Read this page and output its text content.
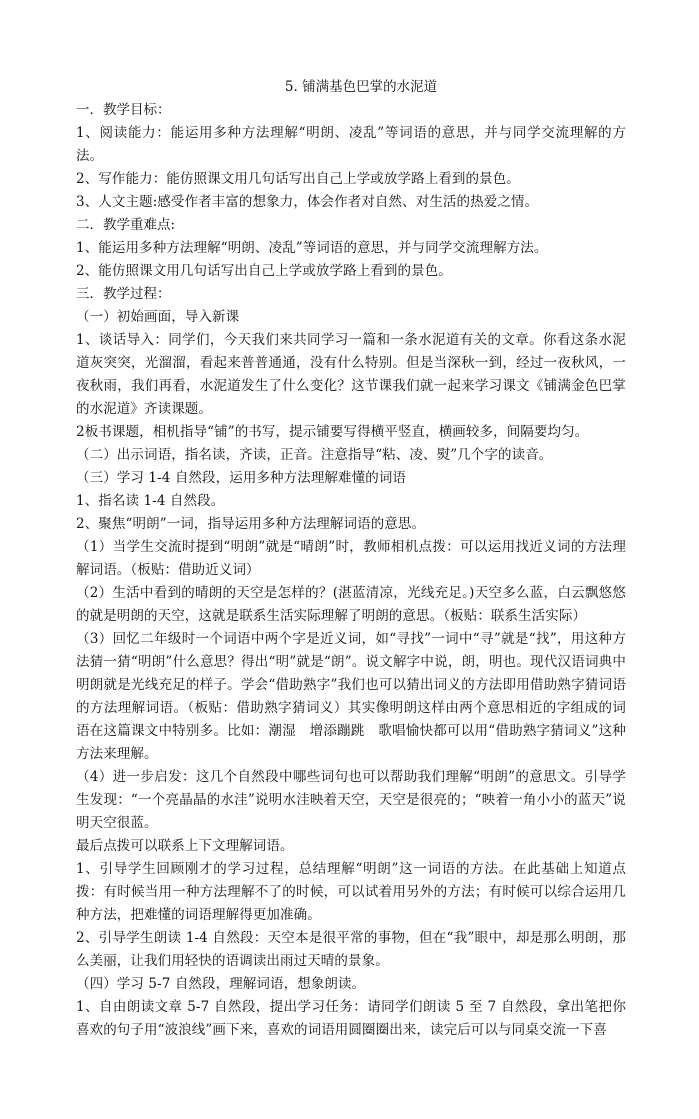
5. 铺满基色巴掌的水泥道

一．教学目标：

1、阅读能力：能运用多种方法理解“明朗、凌乱”等词语的意思，并与同学交流理解的方法。

2、写作能力：能仿照课文用几句话写出自己上学或放学路上看到的景色。

3、人文主题:感受作者丰富的想象力，体会作者对自然、对生活的热爱之情。

二．教学重难点:

1、能运用多种方法理解“明朗、凌乱”等词语的意思，并与同学交流理解方法。

2、能仿照课文用几句话写出自己上学或放学路上看到的景色。

三．教学过程：

（一）初始画面，导入新课

1、谈话导入：同学们，今天我们来共同学习一篇和一条水泥道有关的文章。你看这条水泥道灰突突，光溜溜，看起来普普通通，没有什么特别。但是当深秋一到，经过一夜秋风，一夜秋雨，我们再看，水泥道发生了什么变化？这节课我们就一起来学习课文《铺满金色巴掌的水泥道》齐读课题。

2板书课题，相机指导“铺”的书写，提示铺要写得横平竖直，横画较多，间隔要均匀。

（二）出示词语，指名读，齐读，正音。注意指导“粘、凌、熨”几个字的读音。

（三）学习 1-4 自然段，运用多种方法理解难懂的词语

1、指名读 1-4 自然段。

2、聚焦“明朗”一词，指导运用多种方法理解词语的意思。

（1）当学生交流时提到“明朗”就是“晴朗”时，教师相机点拨：可以运用找近义词的方法理解词语。（板贴：借助近义词）

（2）生活中看到的晴朗的天空是怎样的？(湛蓝清凉，光线充足。)天空多么蓝，白云飘悠悠的就是明朗的天空，这就是联系生活实际理解了明朗的意思。（板贴：联系生活实际）

（3）回忆二年级时一个词语中两个字是近义词，如“寻找”一词中“寻”就是“找”，用这种方法猜一猜“明朗”什么意思？得出“明”就是“朗”。说文解字中说，朗，明也。现代汉语词典中明朗就是光线充足的样子。学会“借助熟字”我们也可以猜出词义的方法即用借助熟字猜词语的方法理解词语。（板贴：借助熟字猜词义）其实像明朗这样由两个意思相近的字组成的词语在这篇课文中特别多。比如：潮湿　增添蹦跳　歌唱愉快都可以用“借助熟字猜词义”这种方法来理解。

（4）进一步启发：这几个自然段中哪些词句也可以帮助我们理解“明朗”的意思文。引导学生发现：“一个亮晶晶的水洼”说明水洼映着天空，天空是很亮的；“映着一角小小的蓝天”说明天空很蓝。

最后点拨可以联系上下文理解词语。

1、引导学生回顾刚才的学习过程，总结理解“明朗”这一词语的方法。在此基础上知道点拨：有时候当用一种方法理解不了的时候，可以试着用另外的方法；有时候可以综合运用几种方法，把难懂的词语理解得更加准确。

2、引导学生朗读 1-4 自然段：天空本是很平常的事物，但在“我”眼中，却是那么明朗，那么美丽，让我们用轻快的语调读出雨过天晴的景象。

（四）学习 5-7 自然段，理解词语，想象朗读。

1、自由朗读文章 5-7 自然段，提出学习任务：请同学们朗读 5 至 7 自然段，拿出笔把你喜欢的句子用“波浪线”画下来，喜欢的词语用圆圈圈出来，读完后可以与同桌交流一下喜
